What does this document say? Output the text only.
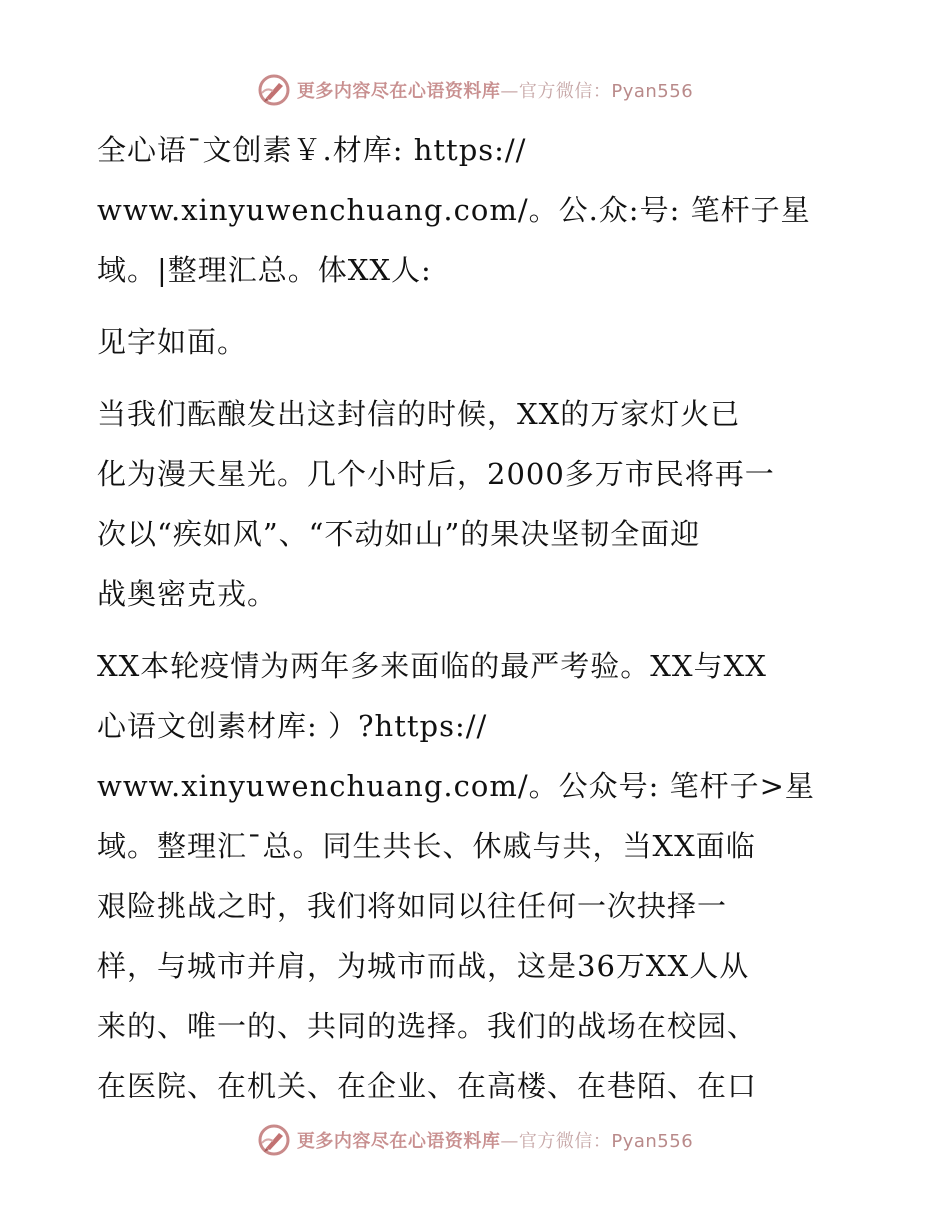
更多内容尽在心语资料库—官方微信：Pyan556
全心语¯文创素￥.材库: https://
www.xinyuwenchuang.com/。公.众:号: 笔杆子星
域。|整理汇总。体XX人:
见字如面。
当我们酝酿发出这封信的时候，XX的万家灯火已
化为漫天星光。几个小时后，2000多万市民将再一
次以“疾如风”、“不动如山”的果决坚韧全面迎
战奥密克戎。
XX本轮疫情为两年多来面临的最严考验。XX与XX
心语文创素材库: ）?https://
www.xinyuwenchuang.com/。公众号: 笔杆子>星
域。整理汇¯总。同生共长、休戚与共，当XX面临
艰险挑战之时，我们将如同以往任何一次抉择一
样，与城市并肩，为城市而战，这是36万XX人从
来的、唯一的、共同的选择。我们的战场在校园、
在医院、在机关、在企业、在高楼、在巷陌、在口
更多内容尽在心语资料库—官方微信：Pyan556
